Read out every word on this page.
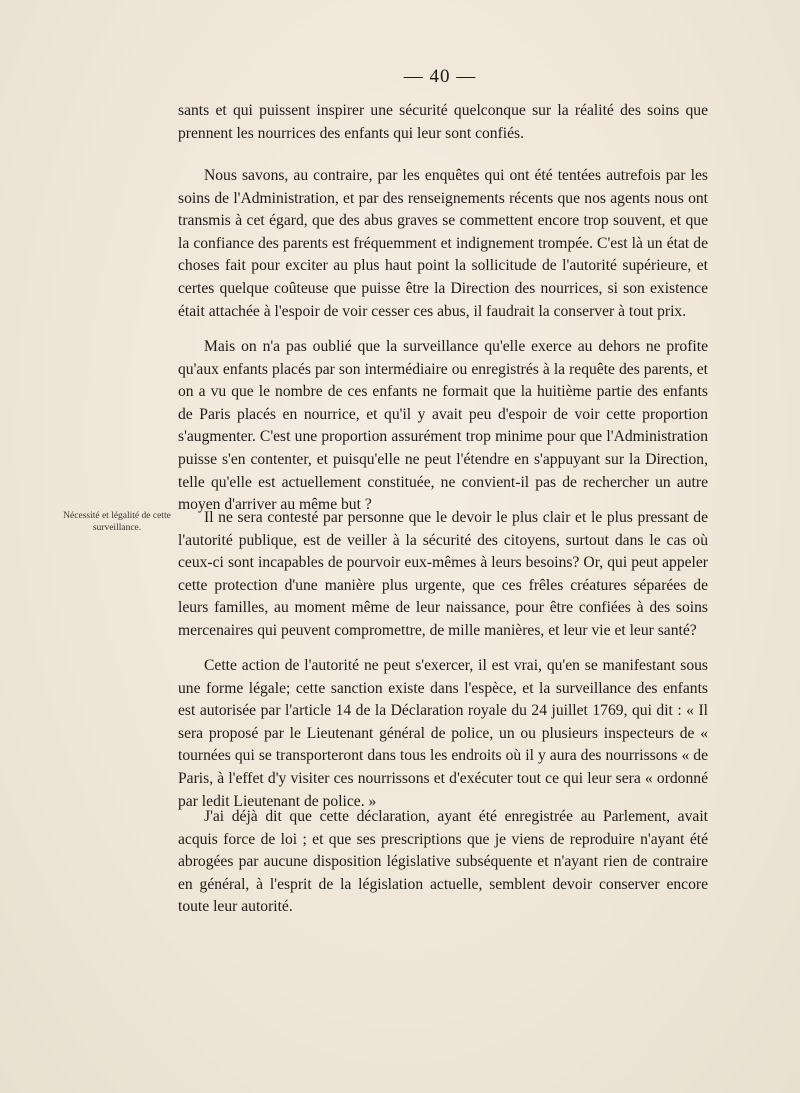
— 40 —
Nécessité et légalité de cette surveillance.

sants et qui puissent inspirer une sécurité quelconque sur la réalité des soins que prennent les nourrices des enfants qui leur sont confiés.

Nous savons, au contraire, par les enquêtes qui ont été tentées autrefois par les soins de l'Administration, et par des renseignements récents que nos agents nous ont transmis à cet égard, que des abus graves se commettent encore trop souvent, et que la confiance des parents est fréquemment et indignement trompée. C'est là un état de choses fait pour exciter au plus haut point la sollicitude de l'autorité supérieure, et certes quelque coûteuse que puisse être la Direction des nourrices, si son existence était attachée à l'espoir de voir cesser ces abus, il faudrait la conserver à tout prix.

Mais on n'a pas oublié que la surveillance qu'elle exerce au dehors ne profite qu'aux enfants placés par son intermédiaire ou enregistrés à la requête des parents, et on a vu que le nombre de ces enfants ne formait que la huitième partie des enfants de Paris placés en nourrice, et qu'il y avait peu d'espoir de voir cette proportion s'augmenter. C'est une proportion assurément trop minime pour que l'Administration puisse s'en contenter, et puisqu'elle ne peut l'étendre en s'appuyant sur la Direction, telle qu'elle est actuellement constituée, ne convient-il pas de rechercher un autre moyen d'arriver au même but ?

Il ne sera contesté par personne que le devoir le plus clair et le plus pressant de l'autorité publique, est de veiller à la sécurité des citoyens, surtout dans le cas où ceux-ci sont incapables de pourvoir eux-mêmes à leurs besoins? Or, qui peut appeler cette protection d'une manière plus urgente, que ces frêles créatures séparées de leurs familles, au moment même de leur naissance, pour être confiées à des soins mercenaires qui peuvent compromettre, de mille manières, et leur vie et leur santé?

Cette action de l'autorité ne peut s'exercer, il est vrai, qu'en se manifestant sous une forme légale; cette sanction existe dans l'espèce, et la surveillance des enfants est autorisée par l'article 14 de la Déclaration royale du 24 juillet 1769, qui dit : « Il sera proposé par le Lieutenant général de police, un ou plusieurs inspecteurs de « tournées qui se transporteront dans tous les endroits où il y aura des nourrissons « de Paris, à l'effet d'y visiter ces nourrissons et d'exécuter tout ce qui leur sera « ordonné par ledit Lieutenant de police. »

J'ai déjà dit que cette déclaration, ayant été enregistrée au Parlement, avait acquis force de loi ; et que ses prescriptions que je viens de reproduire n'ayant été abrogées par aucune disposition législative subséquente et n'ayant rien de contraire en général, à l'esprit de la législation actuelle, semblent devoir conserver encore toute leur autorité.
